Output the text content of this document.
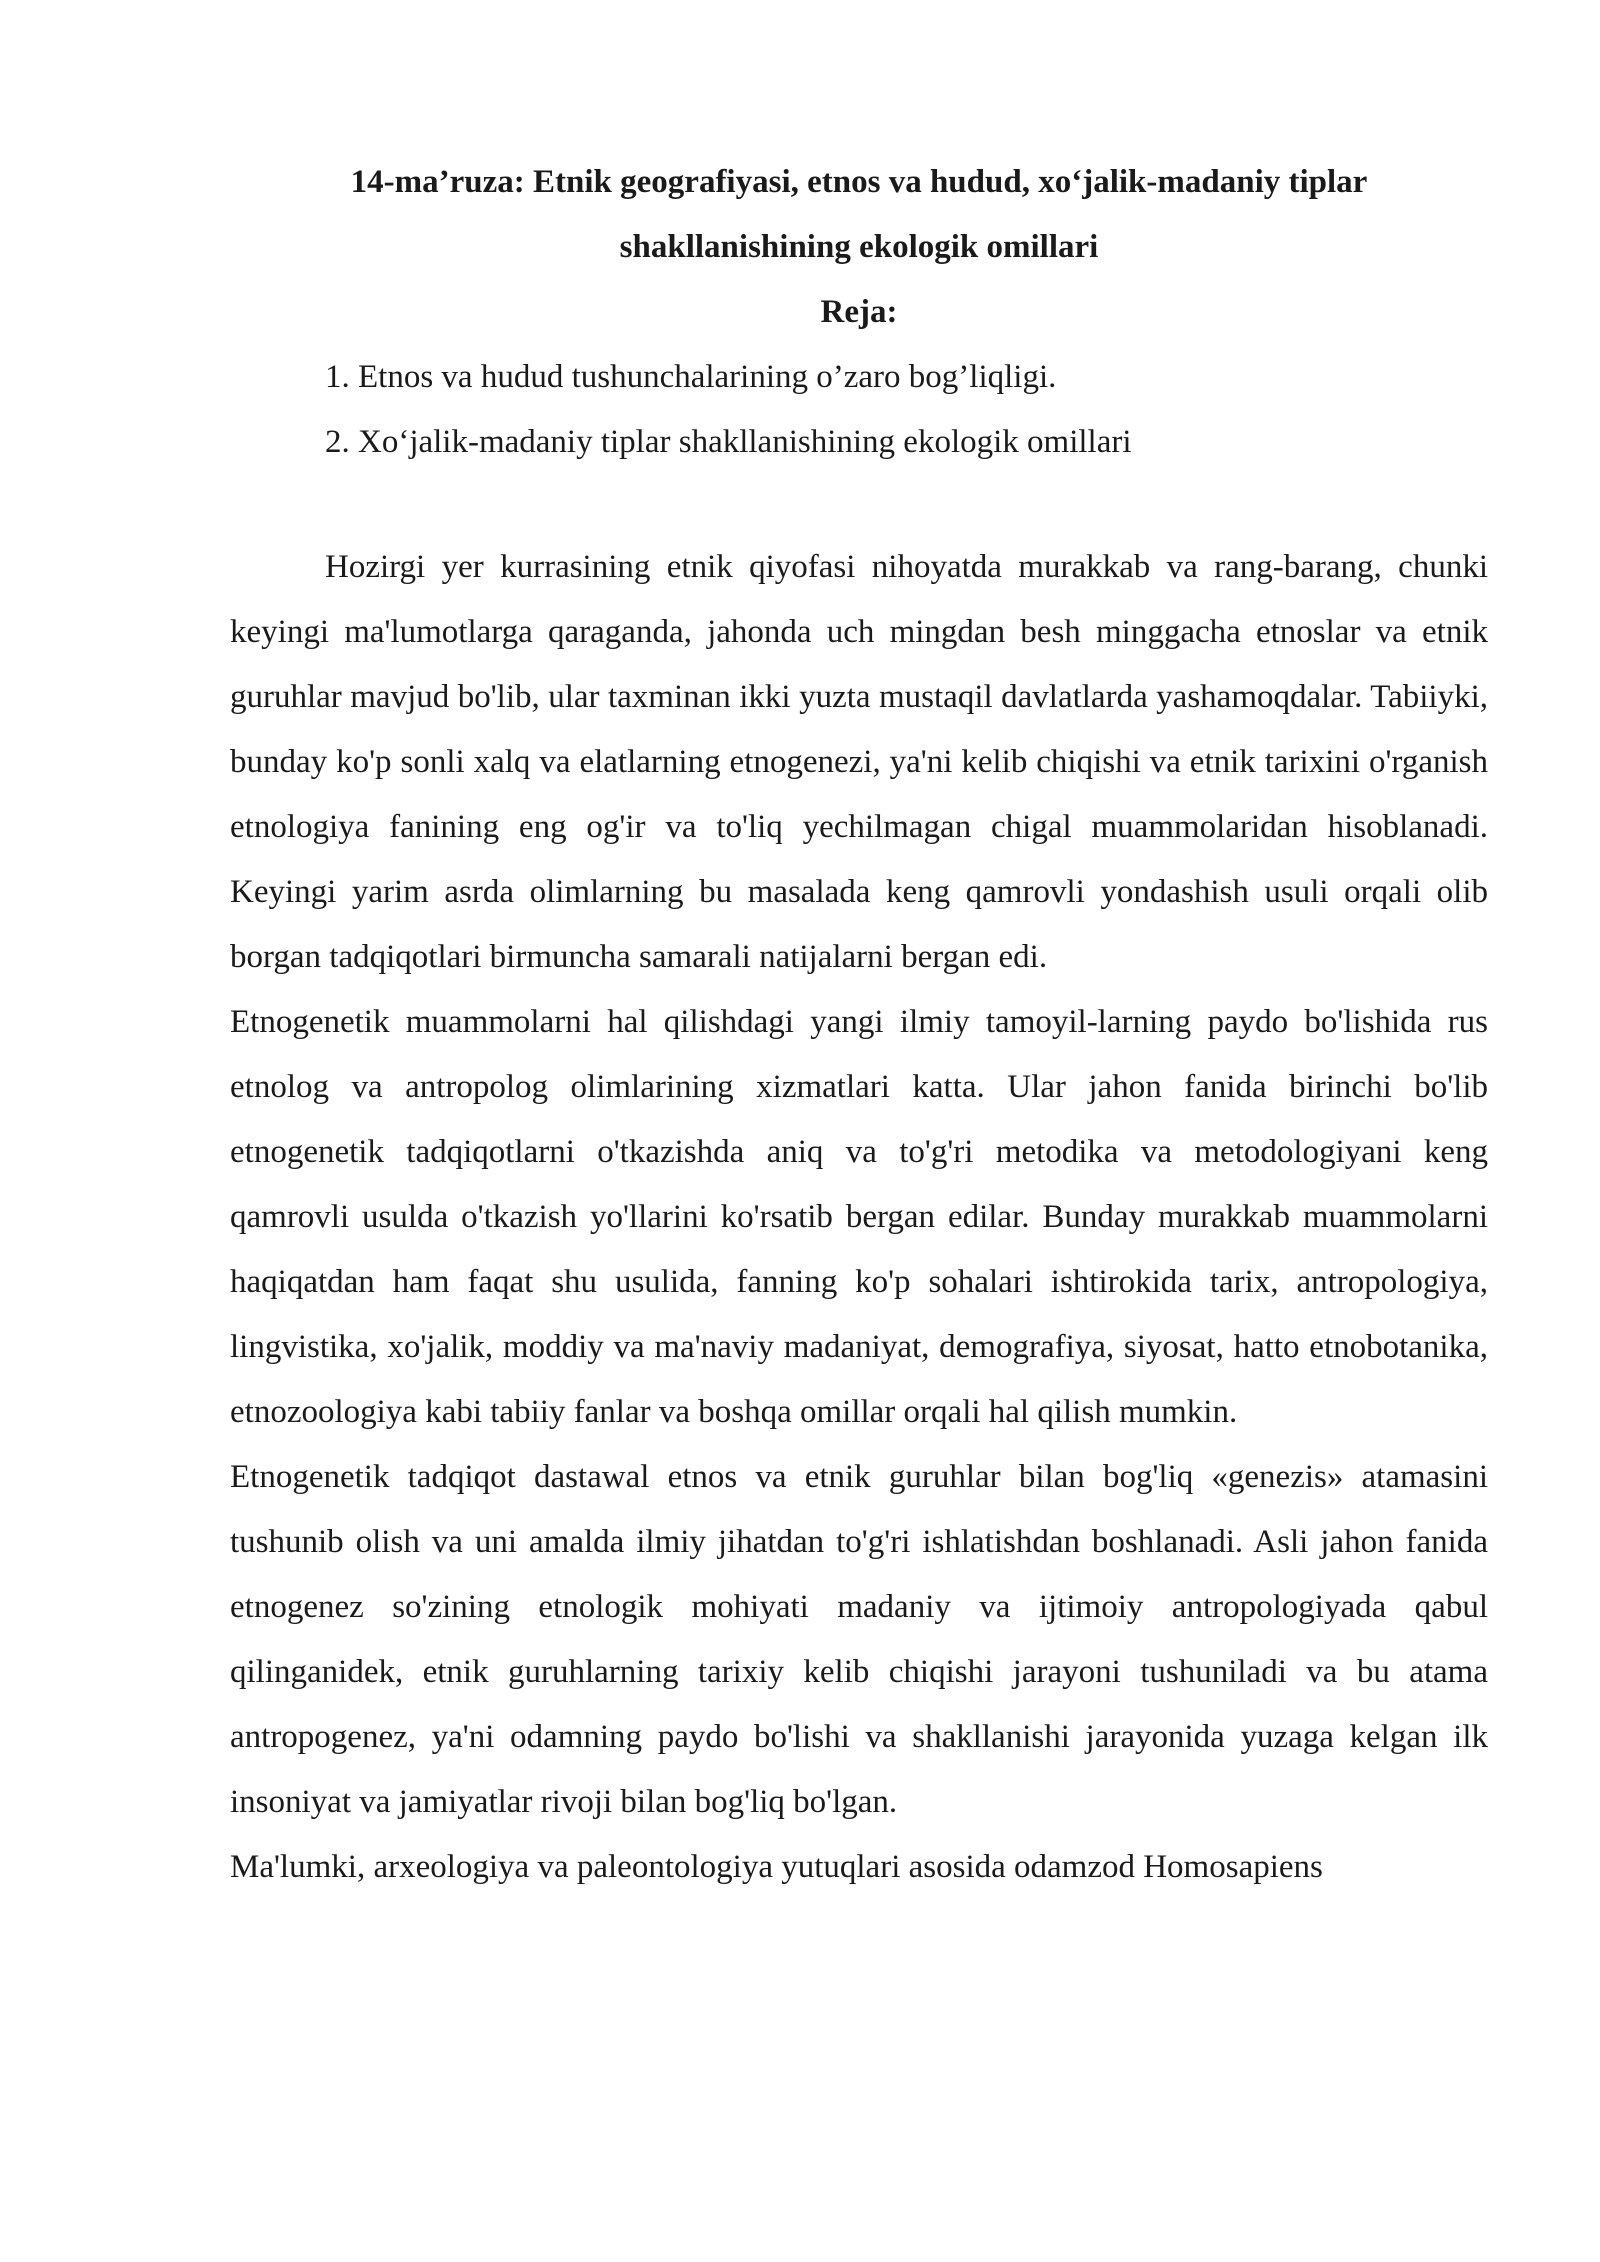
14-ma’ruza: Etnik geografiyasi, etnos va hudud, xo‘jalik-madaniy tiplar
shakllanishining ekologik omillari
Reja:
1. Etnos va hudud tushunchalarining o’zaro bog’liqligi.
2. Xo‘jalik-madaniy tiplar shakllanishining ekologik omillari

Hozirgi yer kurrasining etnik qiyofasi nihoyatda murakkab va rang-barang, chunki keyingi ma'lumotlarga qaraganda, jahonda uch mingdan besh minggacha etnoslar va etnik guruhlar mavjud bo'lib, ular taxminan ikki yuzta mustaqil davlatlarda yashamoqdalar. Tabiiyki, bunday ko'p sonli xalq va elatlarning etnogenezi, ya'ni kelib chiqishi va etnik tarixini o'rganish etnologiya fanining eng og'ir va to'liq yechilmagan chigal muammolaridan hisoblanadi. Keyingi yarim asrda olimlarning bu masalada keng qamrovli yondashish usuli orqali olib borgan tadqiqotlari birmuncha samarali natijalarni bergan edi.

Etnogenetik muammolarni hal qilishdagi yangi ilmiy tamoyil-larning paydo bo'lishida rus etnolog va antropolog olimlarining xizmatlari katta. Ular jahon fanida birinchi bo'lib etnogenetik tadqiqotlarni o'tkazishda aniq va to'g'ri metodika va metodologiyani keng qamrovli usulda o'tkazish yo'llarini ko'rsatib bergan edilar. Bunday murakkab muammolarni haqiqatdan ham faqat shu usulida, fanning ko'p sohalari ishtirokida tarix, antropologiya, lingvistika, xo'jalik, moddiy va ma'naviy madaniyat, demografiya, siyosat, hatto etnobotanika, etnozoologiya kabi tabiiy fanlar va boshqa omillar orqali hal qilish mumkin.

Etnogenetik tadqiqot dastawal etnos va etnik guruhlar bilan bog'liq «genezis» atamasini tushunib olish va uni amalda ilmiy jihatdan to'g'ri ishlatishdan boshlanadi. Asli jahon fanida etnogenez so'zining etnologik mohiyati madaniy va ijtimoiy antropologiyada qabul qilinganidek, etnik guruhlarning tarixiy kelib chiqishi jarayoni tushuniladi va bu atama antropogenez, ya'ni odamning paydo bo'lishi va shakllanishi jarayonida yuzaga kelgan ilk insoniyat va jamiyatlar rivoji bilan bog'liq bo'lgan.

Ma'lumki, arxeologiya va paleontologiya yutuqlari asosida odamzod Homosapiens
